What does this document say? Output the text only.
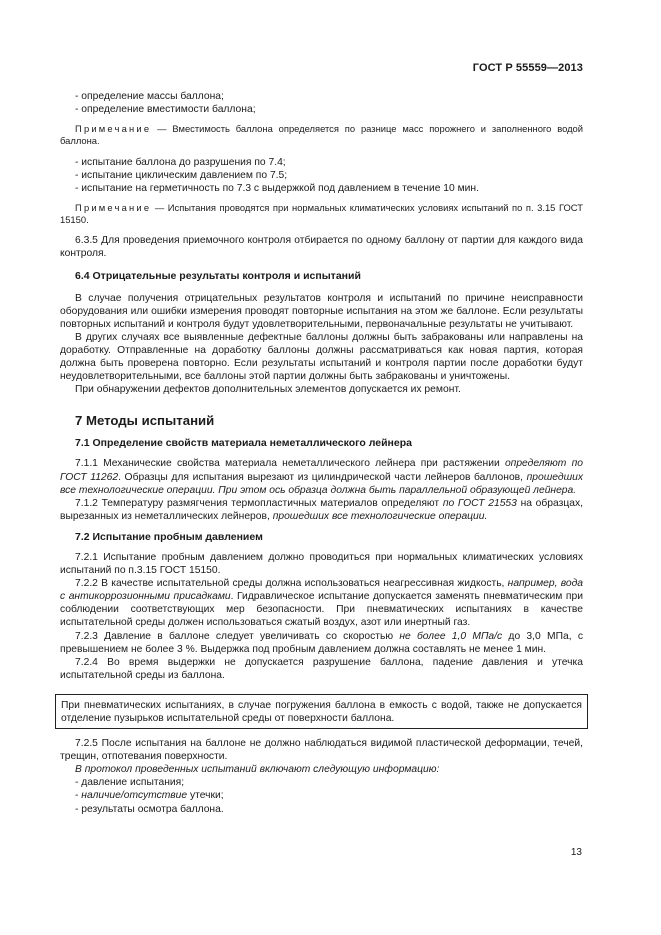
ГОСТ Р 55559—2013

- определение массы баллона;

- определение вместимости баллона;

Примечание — Вместимость баллона определяется по разнице масс порожнего и заполненного водой баллона.

- испытание баллона до разрушения по 7.4;

- испытание циклическим давлением по 7.5;

- испытание на герметичность по 7.3 с выдержкой под давлением в течение 10 мин.

Примечание — Испытания проводятся при нормальных климатических условиях испытаний по п. 3.15 ГОСТ 15150.

6.3.5 Для проведения приемочного контроля отбирается по одному баллону от партии для каждого вида контроля.

6.4 Отрицательные результаты контроля и испытаний

В случае получения отрицательных результатов контроля и испытаний по причине неисправности оборудования или ошибки измерения проводят повторные испытания на этом же баллоне. Если результаты повторных испытаний и контроля будут удовлетворительными, первоначальные результаты не учитывают.

В других случаях все выявленные дефектные баллоны должны быть забракованы или направлены на доработку. Отправленные на доработку баллоны должны рассматриваться как новая партия, которая должна быть проверена повторно. Если результаты испытаний и контроля партии после доработки будут неудовлетворительными, все баллоны этой партии должны быть забракованы и уничтожены.

При обнаружении дефектов дополнительных элементов допускается их ремонт.

7 Методы испытаний

7.1 Определение свойств материала неметаллического лейнера

7.1.1 Механические свойства материала неметаллического лейнера при растяжении определяют по ГОСТ 11262. Образцы для испытания вырезают из цилиндрической части лейнеров баллонов, прошедших все технологические операции. При этом ось образца должна быть параллельной образующей лейнера.

7.1.2 Температуру размягчения термопластичных материалов определяют по ГОСТ 21553 на образцах, вырезанных из неметаллических лейнеров, прошедших все технологические операции.

7.2 Испытание пробным давлением

7.2.1 Испытание пробным давлением должно проводиться при нормальных климатических условиях испытаний по п.3.15 ГОСТ 15150.

7.2.2 В качестве испытательной среды должна использоваться неагрессивная жидкость, например, вода с антикоррозионными присадками. Гидравлическое испытание допускается заменять пневматическим при соблюдении соответствующих мер безопасности. При пневматических испытаниях в качестве испытательной среды должен использоваться сжатый воздух, азот или инертный газ.

7.2.3 Давление в баллоне следует увеличивать со скоростью не более 1,0 МПа/с до 3,0 МПа, с превышением не более 3 %. Выдержка под пробным давлением должна составлять не менее 1 мин.

7.2.4 Во время выдержки не допускается разрушение баллона, падение давления и утечка испытательной среды из баллона.

При пневматических испытаниях, в случае погружения баллона в емкость с водой, также не допускается отделение пузырьков испытательной среды от поверхности баллона.

7.2.5 После испытания на баллоне не должно наблюдаться видимой пластической деформации, течей, трещин, отпотевания поверхности.

В протокол проведенных испытаний включают следующую информацию:

- давление испытания;

- наличие/отсутствие утечки;

- результаты осмотра баллона.

13
